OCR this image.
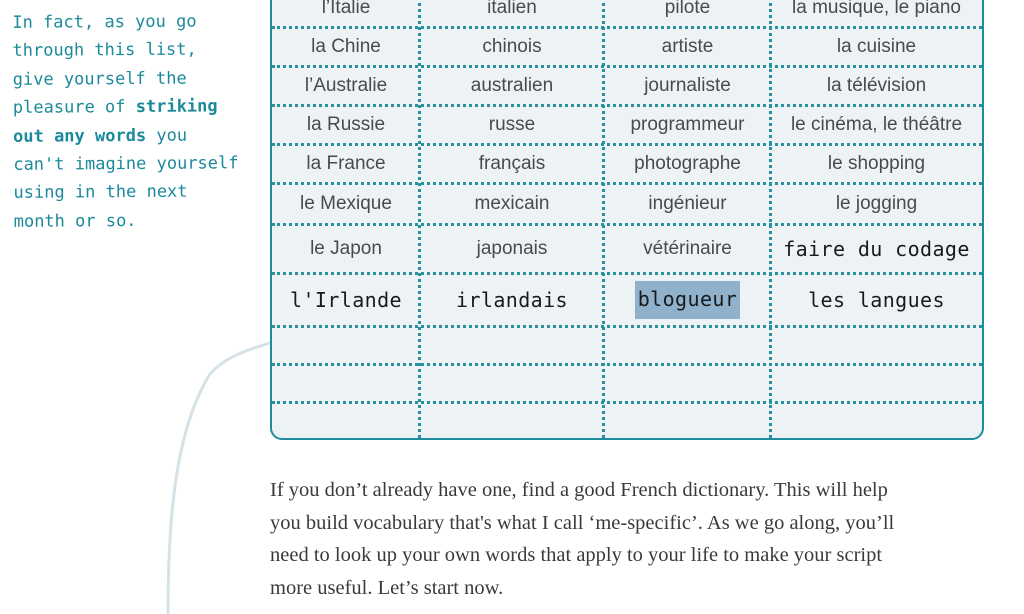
In fact, as you go
through this list,
give yourself the
pleasure of striking
out any words you
can't imagine yourself
using in the next
month or so.
l’Italie	italien	pilote	la musique, le piano
la Chine	chinois	artiste	la cuisine
l’Australie	australien	journaliste	la télévision
la Russie	russe	programmeur	le cinéma, le théâtre
la France	français	photographe	le shopping
le Mexique	mexicain	ingénieur	le jogging
le Japon	japonais	vétérinaire	faire du codage
l'Irlande	irlandais	blogueur	les langues
If you don’t already have one, find a good French dictionary. This will help
you build vocabulary that's what I call ‘me-specific’. As we go along, you’ll
need to look up your own words that apply to your life to make your script
more useful. Let’s start now.
